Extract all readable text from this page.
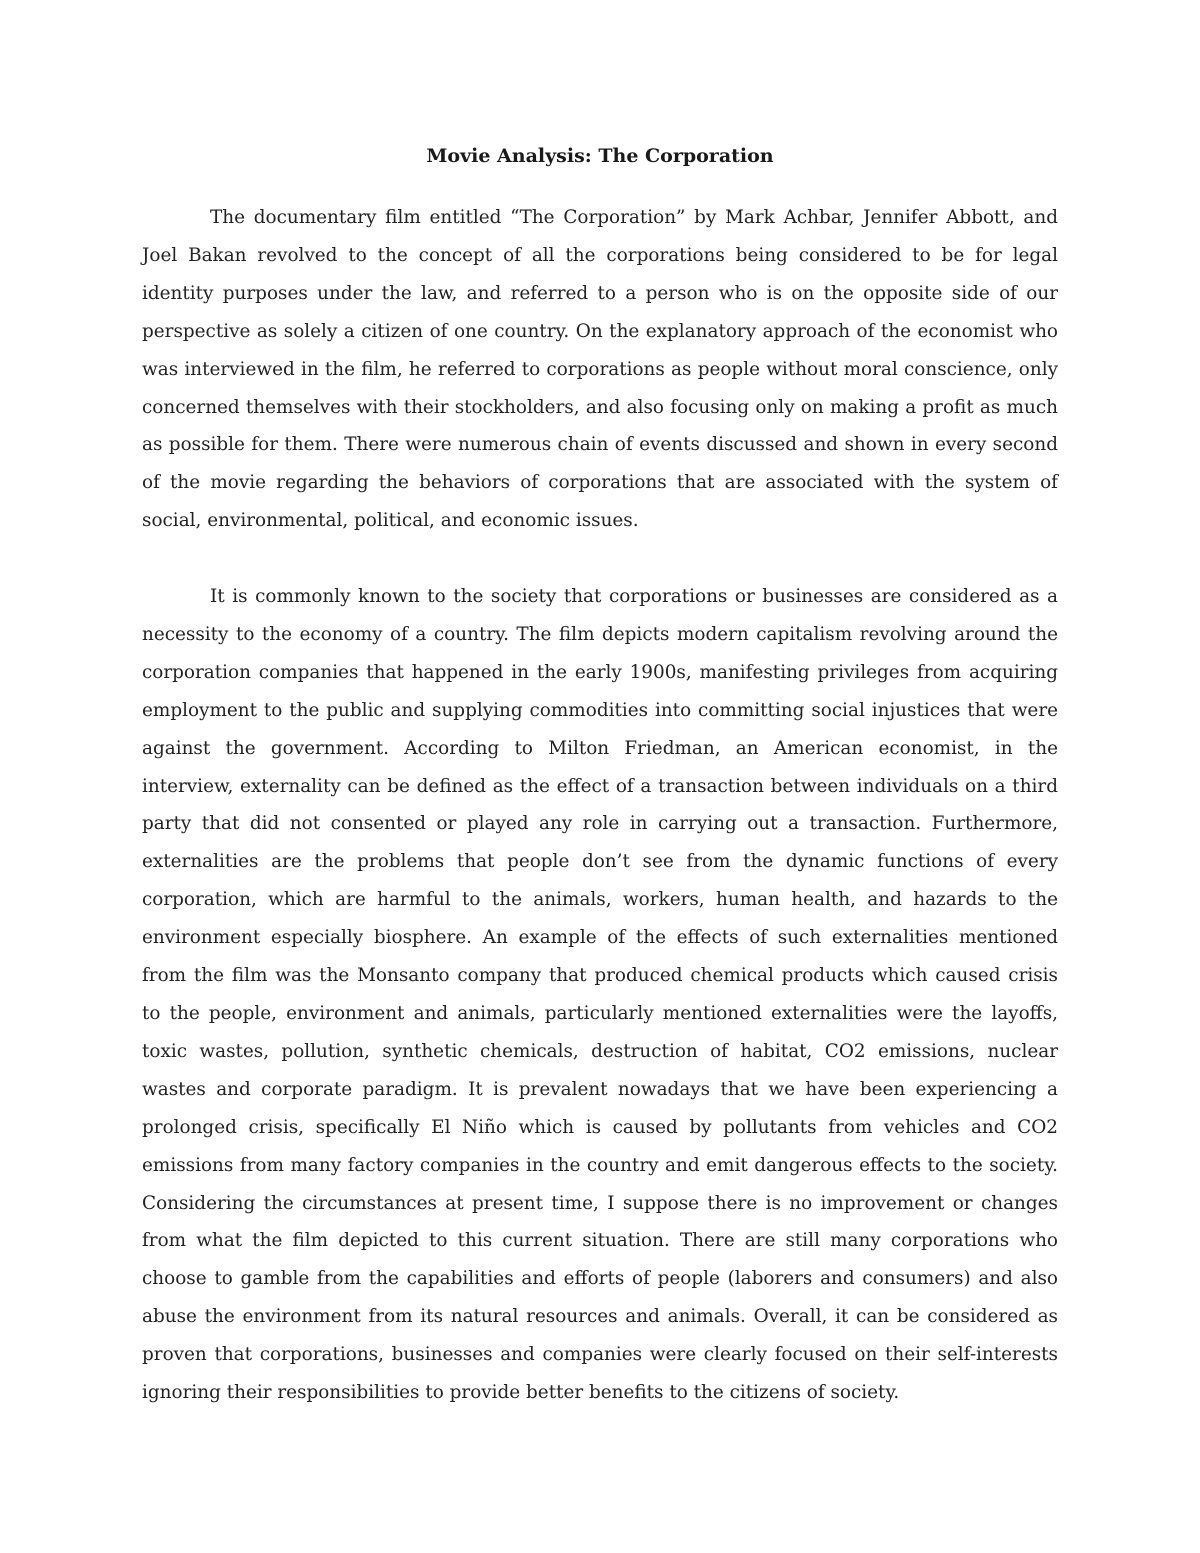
Movie Analysis: The Corporation

The documentary film entitled “The Corporation” by Mark Achbar, Jennifer Abbott, and
Joel Bakan revolved to the concept of all the corporations being considered to be for legal
identity purposes under the law, and referred to a person who is on the opposite side of our
perspective as solely a citizen of one country. On the explanatory approach of the economist who
was interviewed in the film, he referred to corporations as people without moral conscience, only
concerned themselves with their stockholders, and also focusing only on making a profit as much
as possible for them. There were numerous chain of events discussed and shown in every second
of the movie regarding the behaviors of corporations that are associated with the system of
social, environmental, political, and economic issues.

It is commonly known to the society that corporations or businesses are considered as a
necessity to the economy of a country. The film depicts modern capitalism revolving around the
corporation companies that happened in the early 1900s, manifesting privileges from acquiring
employment to the public and supplying commodities into committing social injustices that were
against the government. According to Milton Friedman, an American economist, in the
interview, externality can be defined as the effect of a transaction between individuals on a third
party that did not consented or played any role in carrying out a transaction. Furthermore,
externalities are the problems that people don’t see from the dynamic functions of every
corporation, which are harmful to the animals, workers, human health, and hazards to the
environment especially biosphere. An example of the effects of such externalities mentioned
from the film was the Monsanto company that produced chemical products which caused crisis
to the people, environment and animals, particularly mentioned externalities were the layoffs,
toxic wastes, pollution, synthetic chemicals, destruction of habitat, CO2 emissions, nuclear
wastes and corporate paradigm. It is prevalent nowadays that we have been experiencing a
prolonged crisis, specifically El Niño which is caused by pollutants from vehicles and CO2
emissions from many factory companies in the country and emit dangerous effects to the society.
Considering the circumstances at present time, I suppose there is no improvement or changes
from what the film depicted to this current situation. There are still many corporations who
choose to gamble from the capabilities and efforts of people (laborers and consumers) and also
abuse the environment from its natural resources and animals. Overall, it can be considered as
proven that corporations, businesses and companies were clearly focused on their self-interests
ignoring their responsibilities to provide better benefits to the citizens of society.
